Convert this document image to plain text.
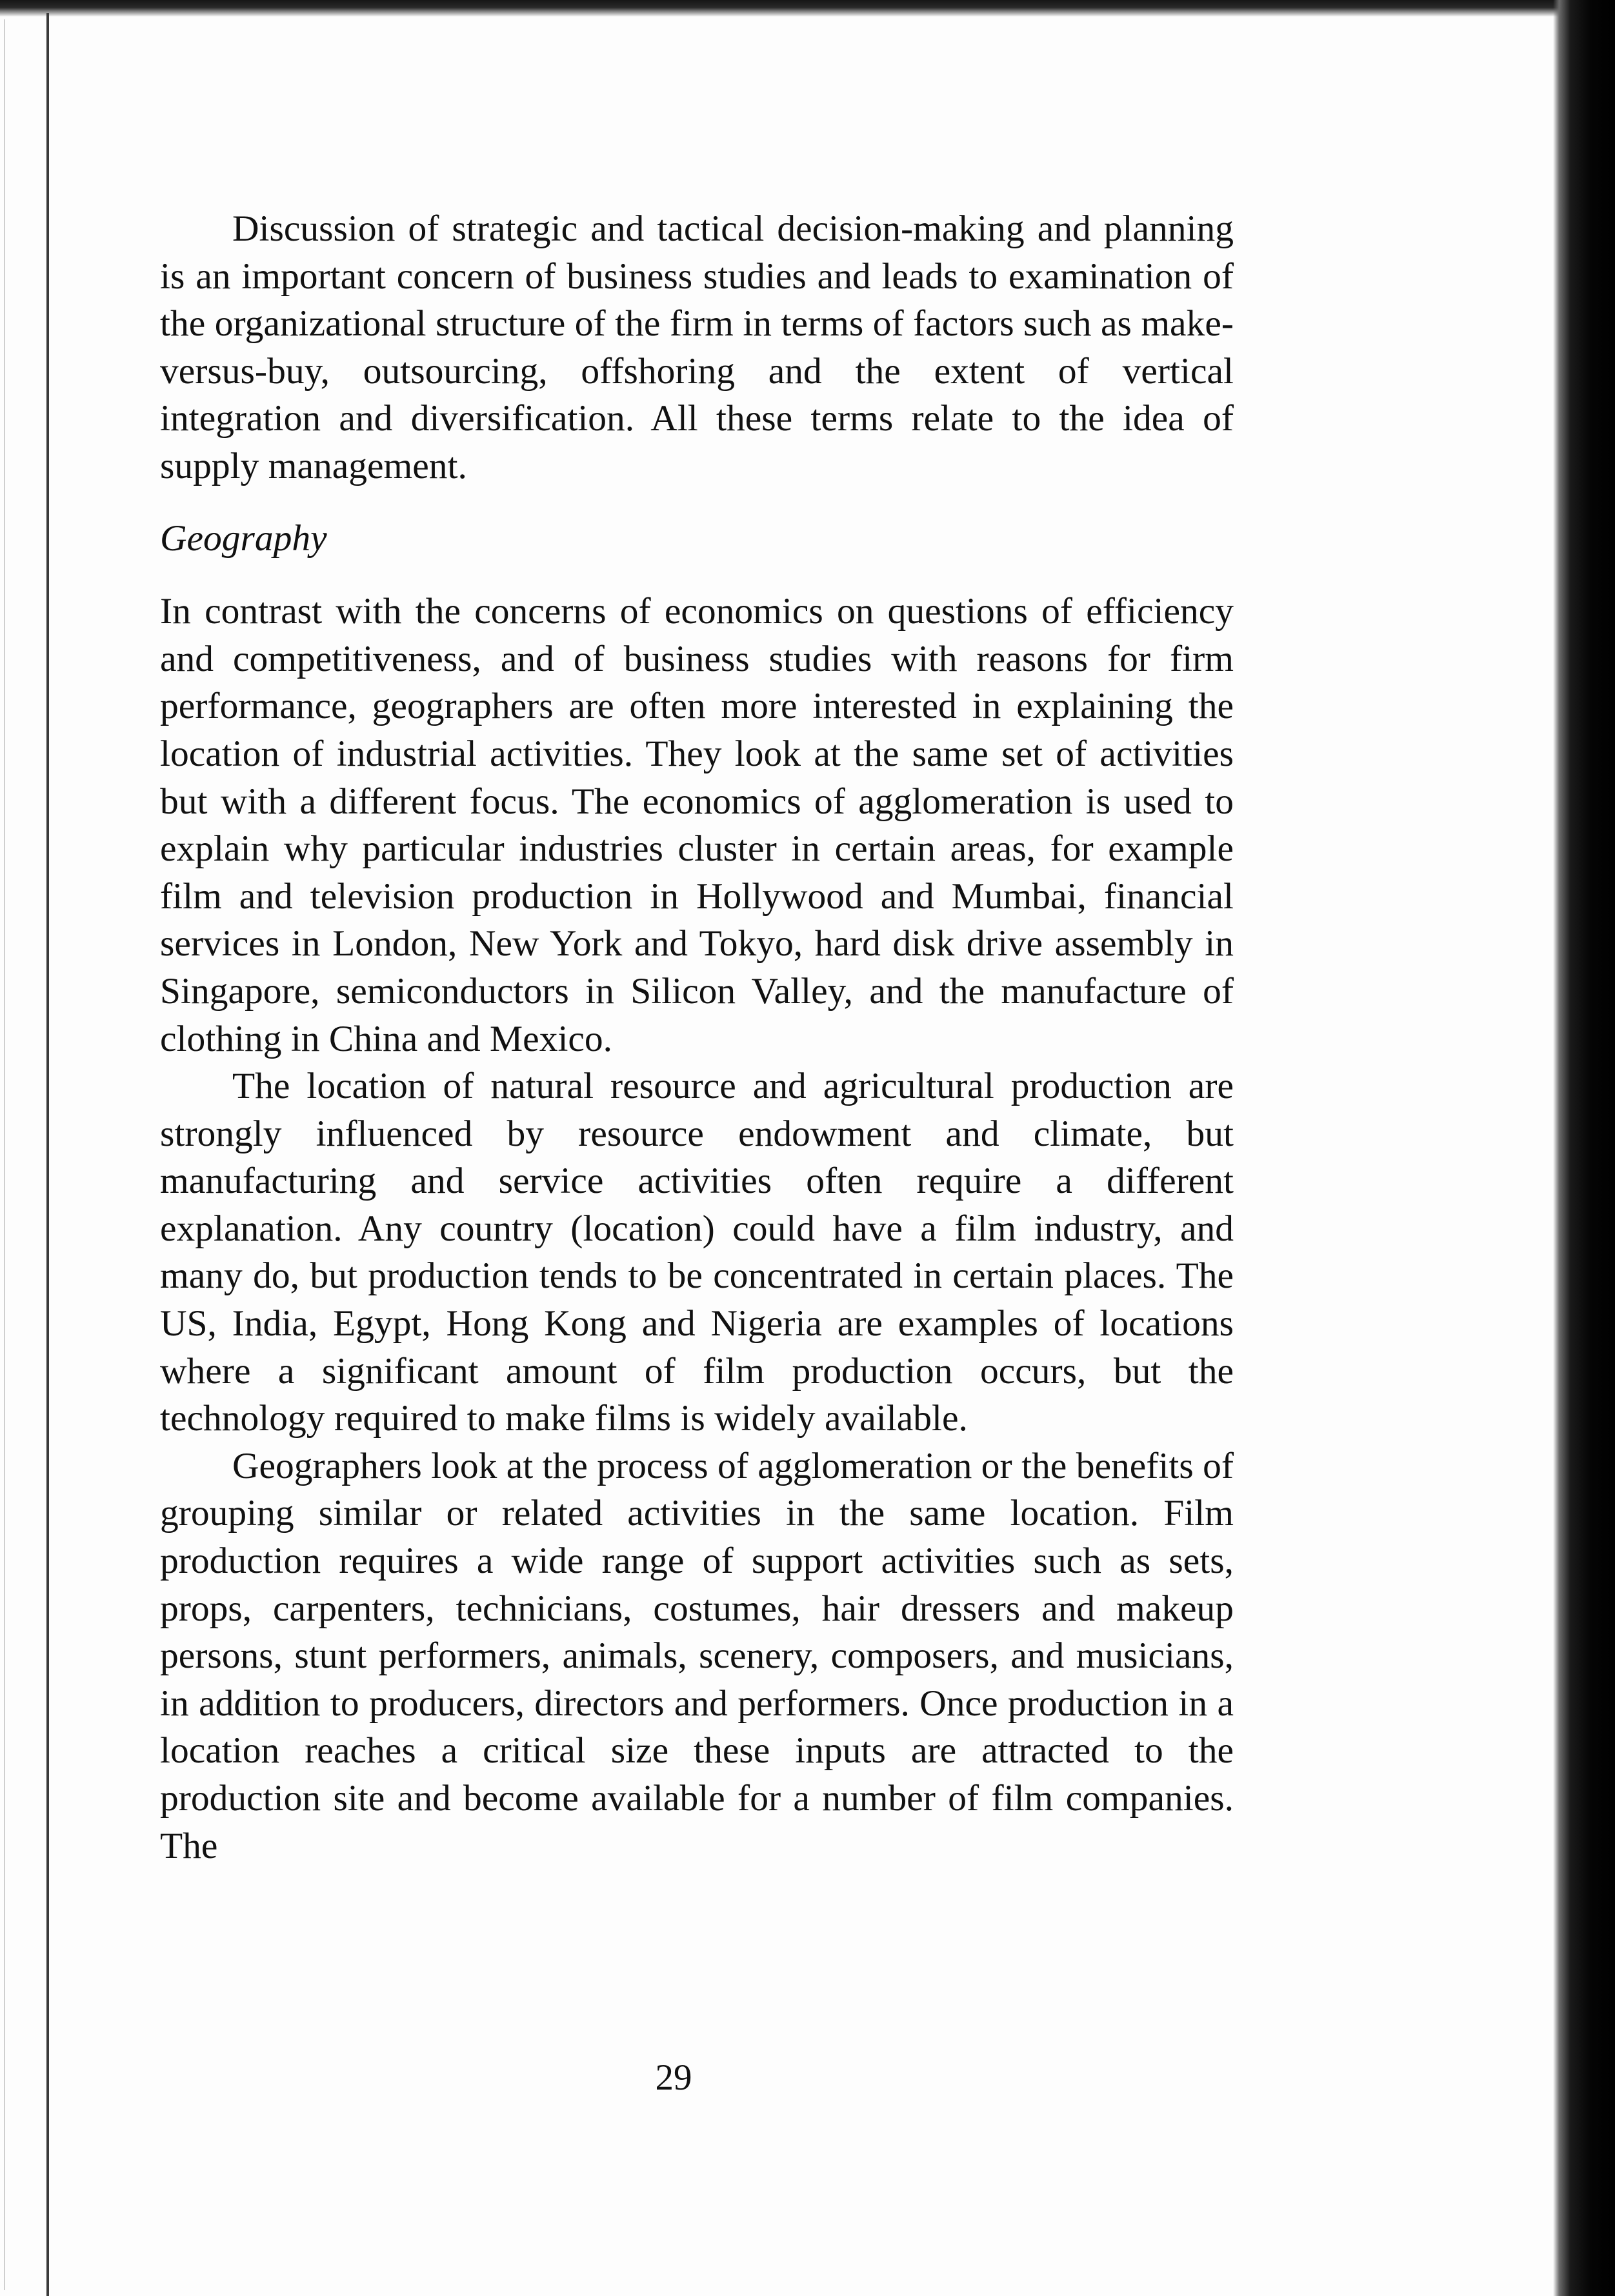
Discussion of strategic and tactical decision-making and planning is an important concern of business studies and leads to examination of the organizational structure of the firm in terms of factors such as make-versus-buy, outsourcing, offshoring and the extent of vertical integration and diversification. All these terms relate to the idea of supply management.

Geography

In contrast with the concerns of economics on questions of efficiency and competitiveness, and of business studies with reasons for firm performance, geographers are often more interested in explaining the location of industrial activities. They look at the same set of activities but with a different focus. The economics of agglomeration is used to explain why particular industries cluster in certain areas, for example film and television production in Hollywood and Mumbai, financial services in London, New York and Tokyo, hard disk drive assembly in Singapore, semiconductors in Silicon Valley, and the manufacture of clothing in China and Mexico.

The location of natural resource and agricultural production are strongly influenced by resource endowment and climate, but manufacturing and service activities often require a different explanation. Any country (location) could have a film industry, and many do, but production tends to be concentrated in certain places. The US, India, Egypt, Hong Kong and Nigeria are examples of locations where a significant amount of film production occurs, but the technology required to make films is widely available.

Geographers look at the process of agglomeration or the benefits of grouping similar or related activities in the same location. Film production requires a wide range of support activities such as sets, props, carpenters, technicians, costumes, hair dressers and makeup persons, stunt performers, animals, scenery, composers, and musicians, in addition to producers, directors and performers. Once production in a location reaches a critical size these inputs are attracted to the production site and become available for a number of film companies. The

29
